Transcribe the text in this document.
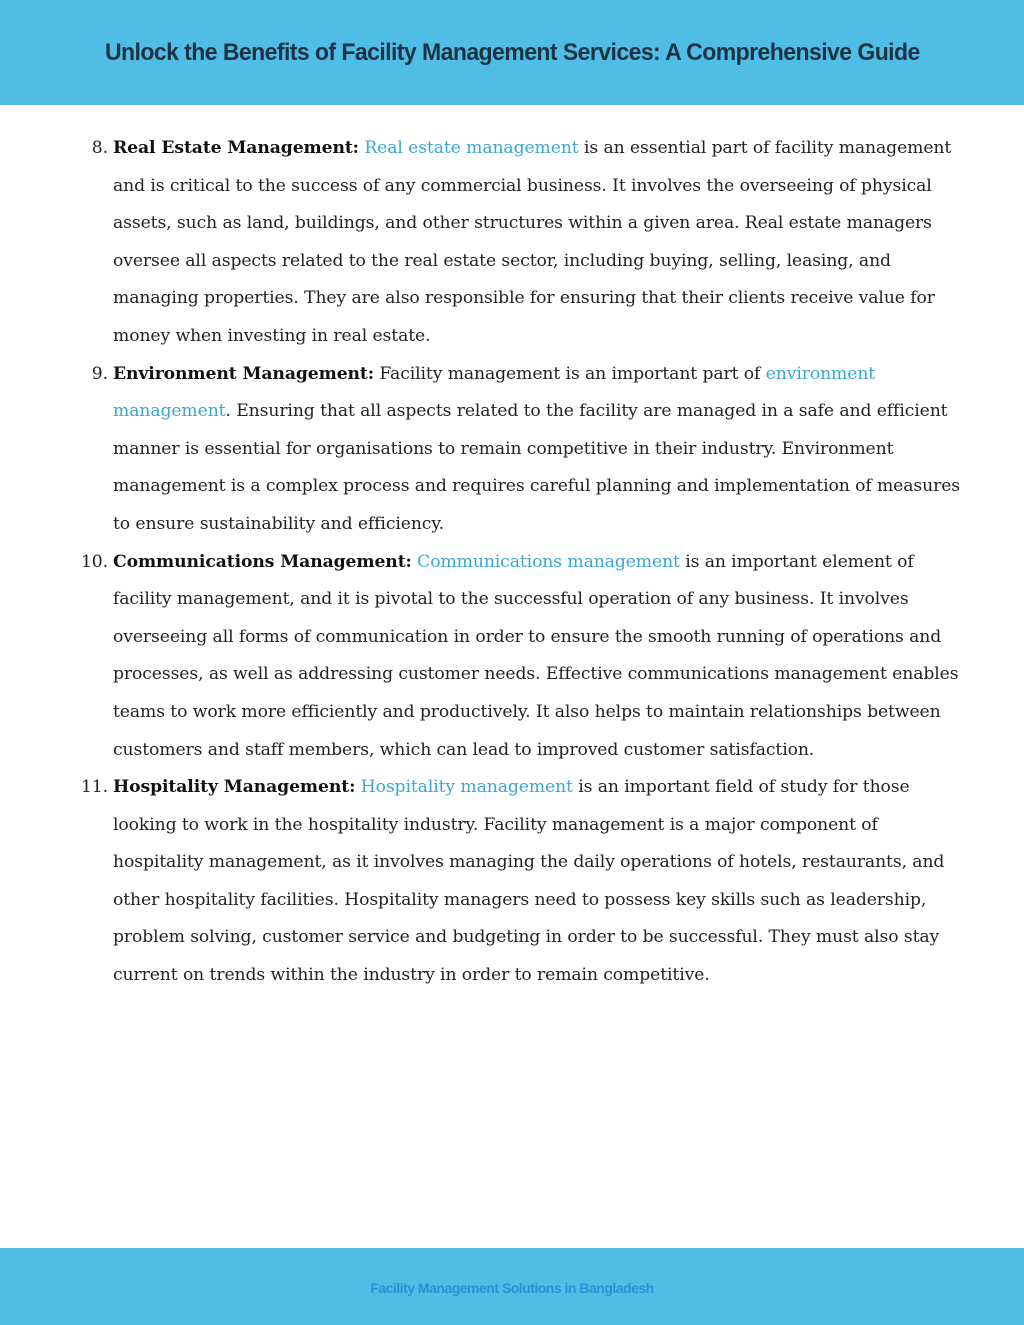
Unlock the Benefits of Facility Management Services: A Comprehensive Guide
8. Real Estate Management: Real estate management is an essential part of facility management and is critical to the success of any commercial business. It involves the overseeing of physical assets, such as land, buildings, and other structures within a given area. Real estate managers oversee all aspects related to the real estate sector, including buying, selling, leasing, and managing properties. They are also responsible for ensuring that their clients receive value for money when investing in real estate.
9. Environment Management: Facility management is an important part of environment management. Ensuring that all aspects related to the facility are managed in a safe and efficient manner is essential for organisations to remain competitive in their industry. Environment management is a complex process and requires careful planning and implementation of measures to ensure sustainability and efficiency.
10. Communications Management: Communications management is an important element of facility management, and it is pivotal to the successful operation of any business. It involves overseeing all forms of communication in order to ensure the smooth running of operations and processes, as well as addressing customer needs. Effective communications management enables teams to work more efficiently and productively. It also helps to maintain relationships between customers and staff members, which can lead to improved customer satisfaction.
11. Hospitality Management: Hospitality management is an important field of study for those looking to work in the hospitality industry. Facility management is a major component of hospitality management, as it involves managing the daily operations of hotels, restaurants, and other hospitality facilities. Hospitality managers need to possess key skills such as leadership, problem solving, customer service and budgeting in order to be successful. They must also stay current on trends within the industry in order to remain competitive.
Facility Management Solutions in Bangladesh
